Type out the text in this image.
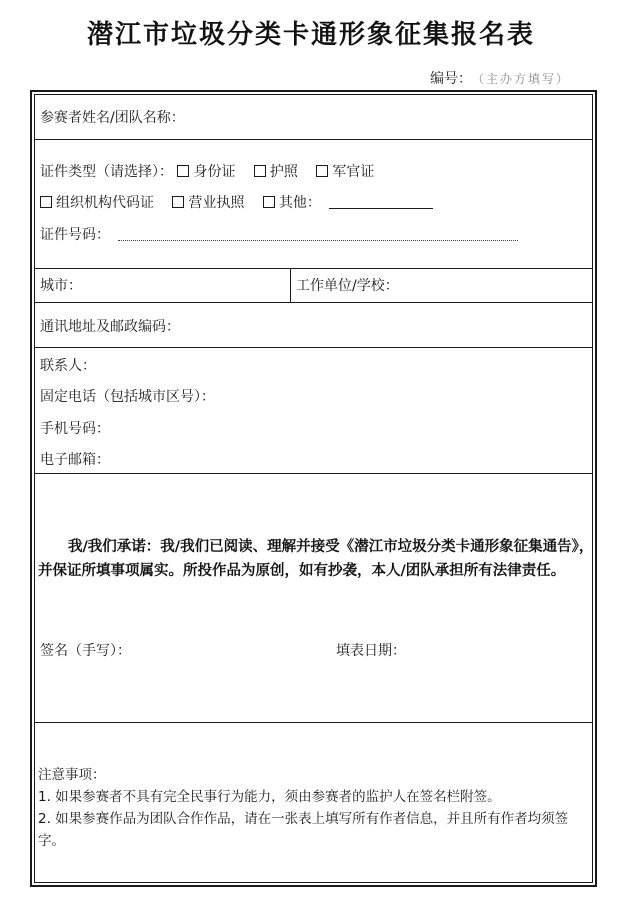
潜江市垃圾分类卡通形象征集报名表
编号： （主办方填写）
参赛者姓名/团队名称：
证件类型（请选择）： 身份证 护照 军官证
组织机构代码证 营业执照 其他：
证件号码：
城市：	工作单位/学校：
通讯地址及邮政编码：
联系人：
固定电话（包括城市区号）：
手机号码：
电子邮箱：
我/我们承诺：我/我们已阅读、理解并接受《潜江市垃圾分类卡通形象征集通告》，并保证所填事项属实。所投作品为原创，如有抄袭，本人/团队承担所有法律责任。
签名（手写）：	填表日期：
注意事项：
1. 如果参赛者不具有完全民事行为能力，须由参赛者的监护人在签名栏附签。
2. 如果参赛作品为团队合作作品，请在一张表上填写所有作者信息，并且所有作者均须签字。
